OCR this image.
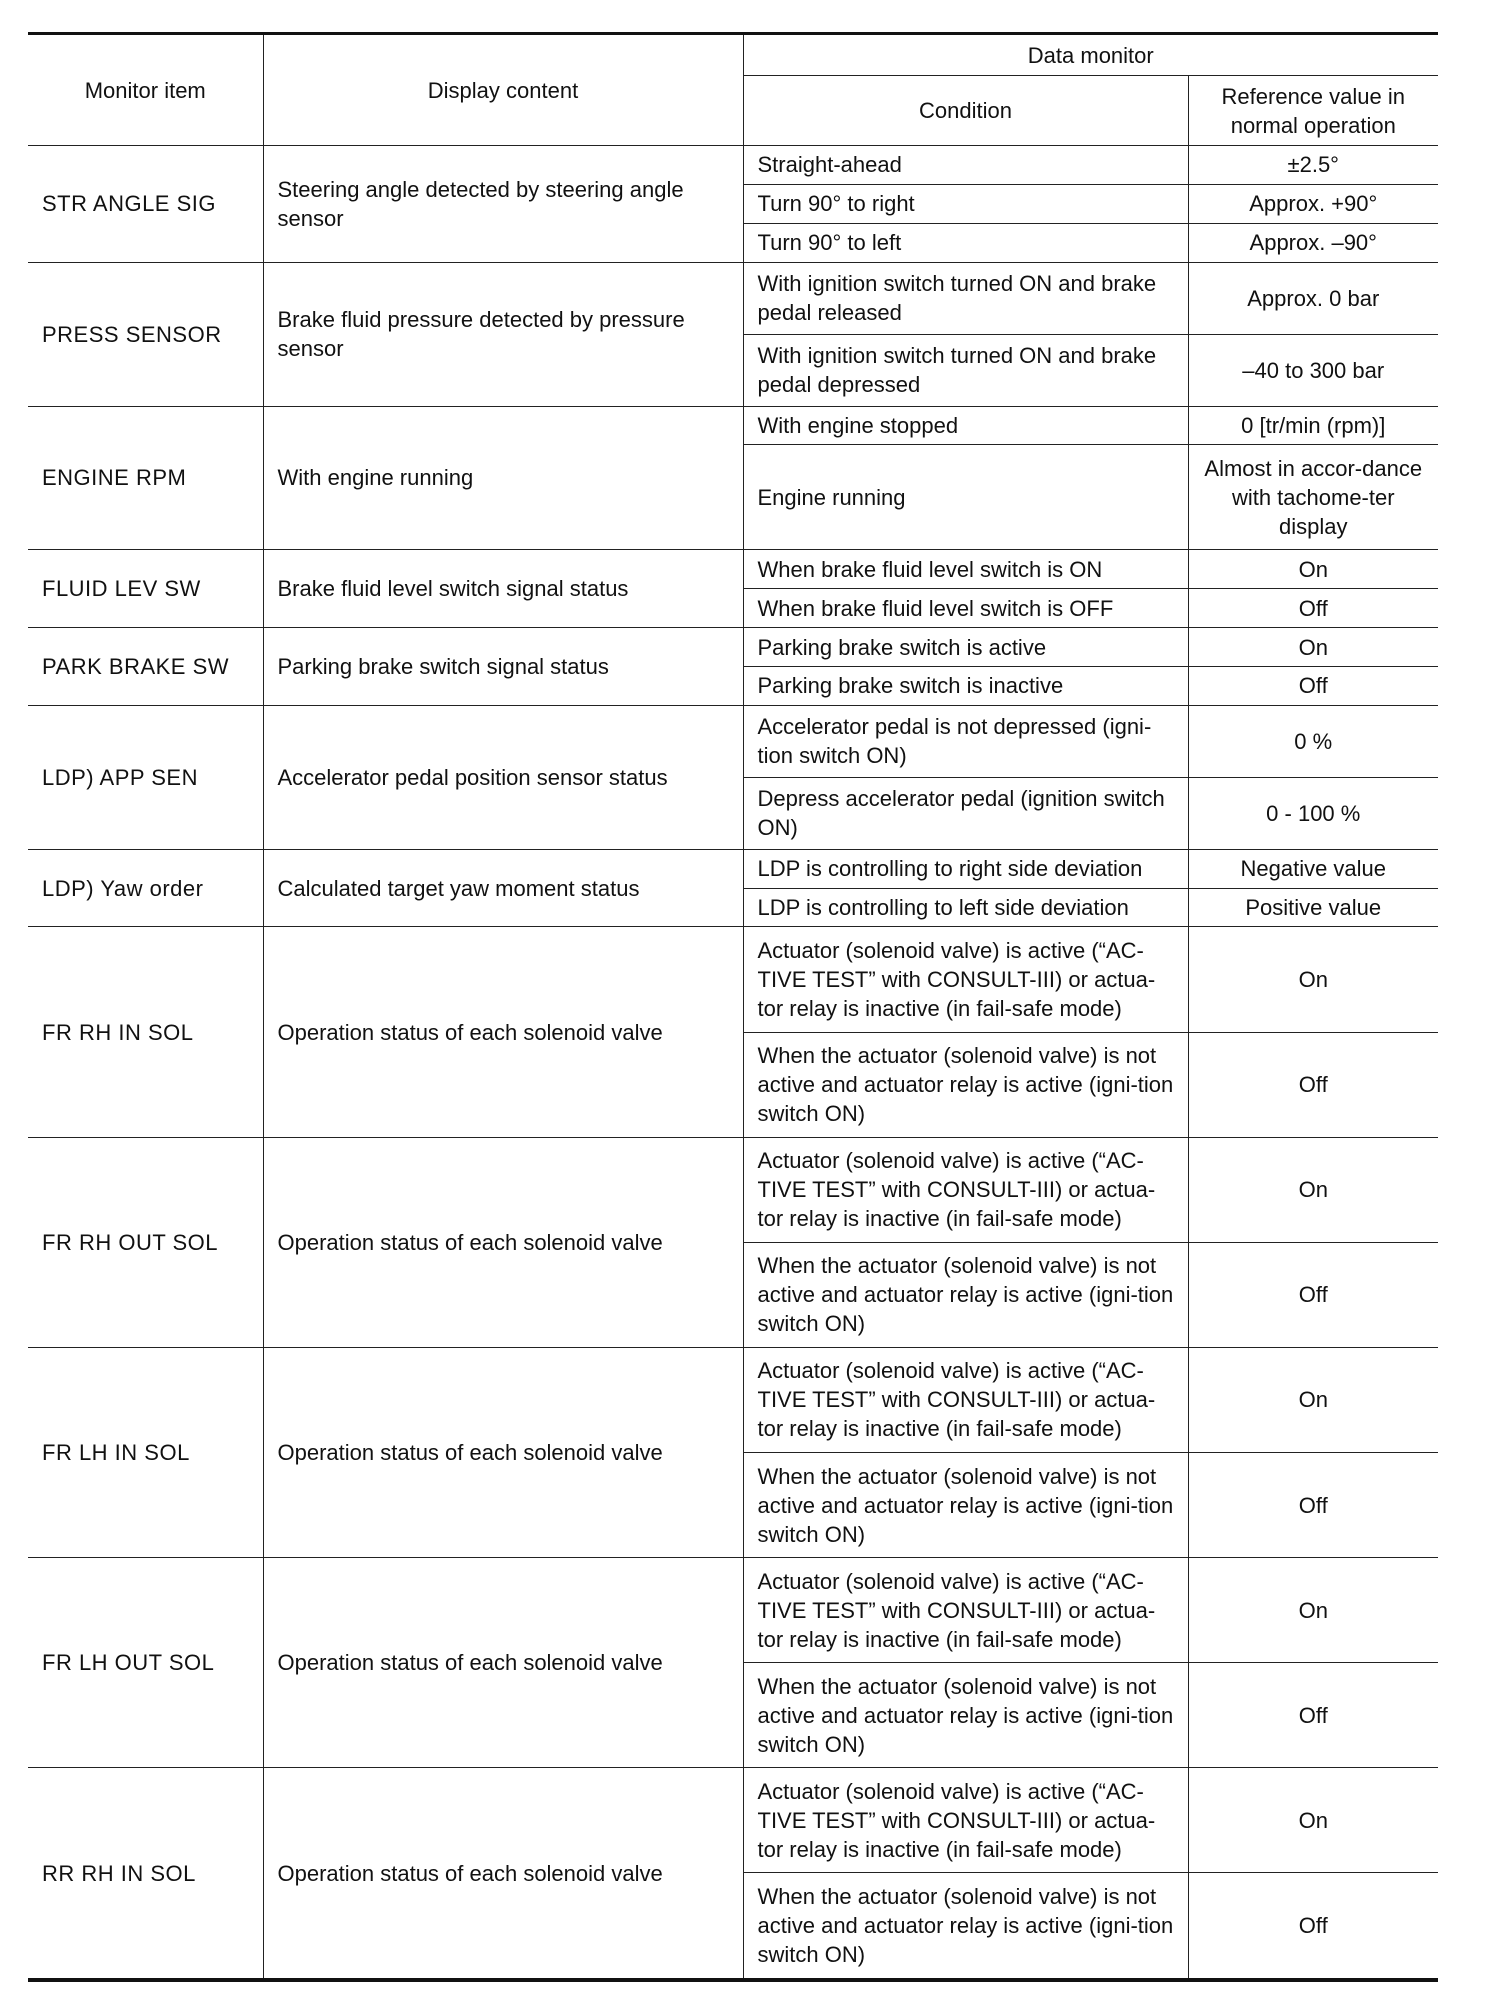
Monitor item	Display content	Data monitor	
		Condition	Reference value in normal operation
STR ANGLE SIG	Steering angle detected by steering angle sensor	Straight-ahead	±2.5°
		Turn 90° to right	Approx. +90°
		Turn 90° to left	Approx. –90°
PRESS SENSOR	Brake fluid pressure detected by pressure sensor	With ignition switch turned ON and brake pedal released	Approx. 0 bar
		With ignition switch turned ON and brake pedal depressed	–40 to 300 bar
ENGINE RPM	With engine running	With engine stopped	0 [tr/min (rpm)]
		Engine running	Almost in accor-dance with tachome-ter display
FLUID LEV SW	Brake fluid level switch signal status	When brake fluid level switch is ON	On
		When brake fluid level switch is OFF	Off
PARK BRAKE SW	Parking brake switch signal status	Parking brake switch is active	On
		Parking brake switch is inactive	Off
LDP) APP SEN	Accelerator pedal position sensor status	Accelerator pedal is not depressed (igni-tion switch ON)	0 %
		Depress accelerator pedal (ignition switch ON)	0 - 100 %
LDP) Yaw order	Calculated target yaw moment status	LDP is controlling to right side deviation	Negative value
		LDP is controlling to left side deviation	Positive value
FR RH IN SOL	Operation status of each solenoid valve	Actuator (solenoid valve) is active (“AC-TIVE TEST” with CONSULT-III) or actua-tor relay is inactive (in fail-safe mode)	On
		When the actuator (solenoid valve) is not active and actuator relay is active (igni-tion switch ON)	Off
FR RH OUT SOL	Operation status of each solenoid valve	Actuator (solenoid valve) is active (“AC-TIVE TEST” with CONSULT-III) or actua-tor relay is inactive (in fail-safe mode)	On
		When the actuator (solenoid valve) is not active and actuator relay is active (igni-tion switch ON)	Off
FR LH IN SOL	Operation status of each solenoid valve	Actuator (solenoid valve) is active (“AC-TIVE TEST” with CONSULT-III) or actua-tor relay is inactive (in fail-safe mode)	On
		When the actuator (solenoid valve) is not active and actuator relay is active (igni-tion switch ON)	Off
FR LH OUT SOL	Operation status of each solenoid valve	Actuator (solenoid valve) is active (“AC-TIVE TEST” with CONSULT-III) or actua-tor relay is inactive (in fail-safe mode)	On
		When the actuator (solenoid valve) is not active and actuator relay is active (igni-tion switch ON)	Off
RR RH IN SOL	Operation status of each solenoid valve	Actuator (solenoid valve) is active (“AC-TIVE TEST” with CONSULT-III) or actua-tor relay is inactive (in fail-safe mode)	On
		When the actuator (solenoid valve) is not active and actuator relay is active (igni-tion switch ON)	Off
